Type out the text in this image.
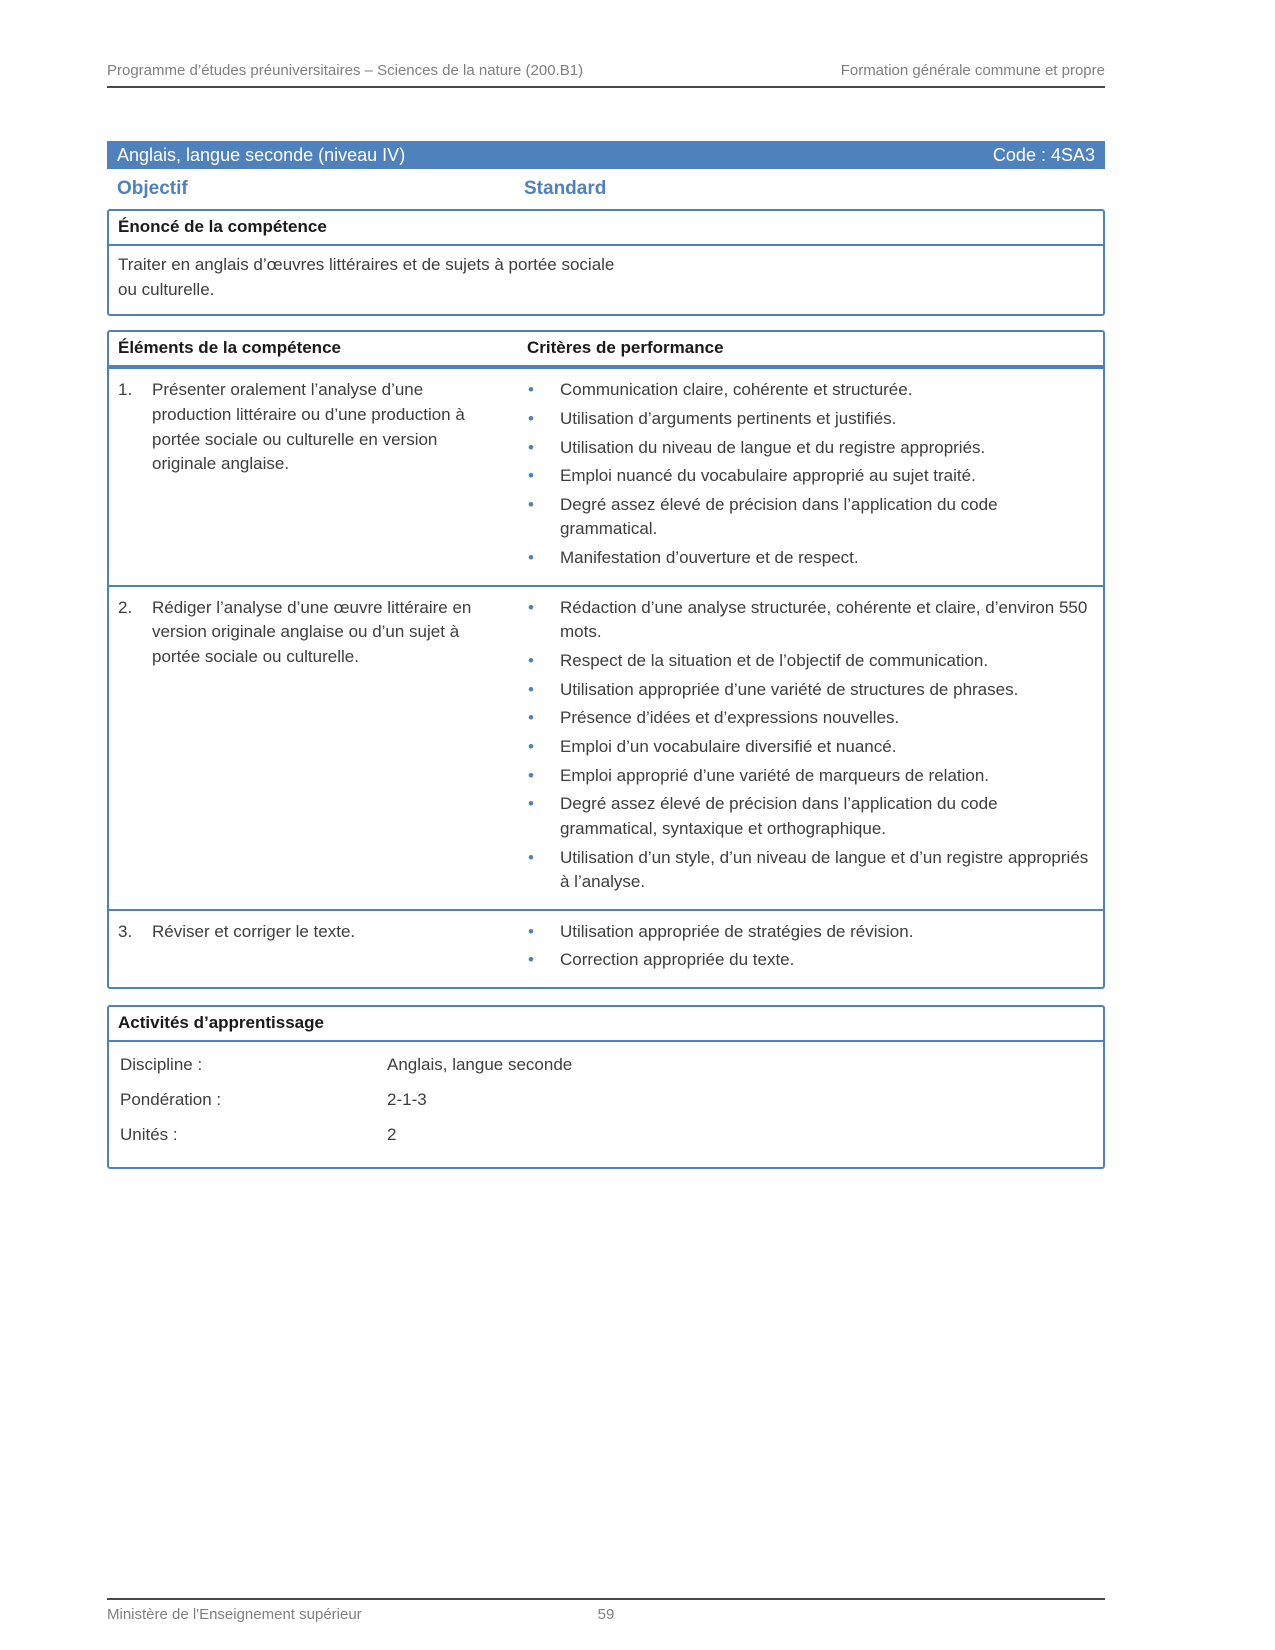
Programme d’études préuniversitaires – Sciences de la nature (200.B1)	Formation générale commune et propre
Anglais, langue seconde (niveau IV)	Code : 4SA3
Objectif	Standard
Énoncé de la compétence

Traiter en anglais d’œuvres littéraires et de sujets à portée sociale ou culturelle.

Éléments de la compétence	Critères de performance
1.	Présenter oralement l’analyse d’une production littéraire ou d’une production à portée sociale ou culturelle en version originale anglaise.
•	Communication claire, cohérente et structurée.
•	Utilisation d’arguments pertinents et justifiés.
•	Utilisation du niveau de langue et du registre appropriés.
•	Emploi nuancé du vocabulaire approprié au sujet traité.
•	Degré assez élevé de précision dans l’application du code grammatical.
•	Manifestation d’ouverture et de respect.
2.	Rédiger l’analyse d’une œuvre littéraire en version originale anglaise ou d’un sujet à portée sociale ou culturelle.
•	Rédaction d’une analyse structurée, cohérente et claire, d’environ 550 mots.
•	Respect de la situation et de l’objectif de communication.
•	Utilisation appropriée d’une variété de structures de phrases.
•	Présence d’idées et d’expressions nouvelles.
•	Emploi d’un vocabulaire diversifié et nuancé.
•	Emploi approprié d’une variété de marqueurs de relation.
•	Degré assez élevé de précision dans l’application du code grammatical, syntaxique et orthographique.
•	Utilisation d’un style, d’un niveau de langue et d’un registre appropriés à l’analyse.
3.	Réviser et corriger le texte.	•	Utilisation appropriée de stratégies de révision.
•	Correction appropriée du texte.
Activités d’apprentissage
Discipline :	Anglais, langue seconde
Pondération :	2-1-3
Unités :	2
Ministère de l'Enseignement supérieur	59
